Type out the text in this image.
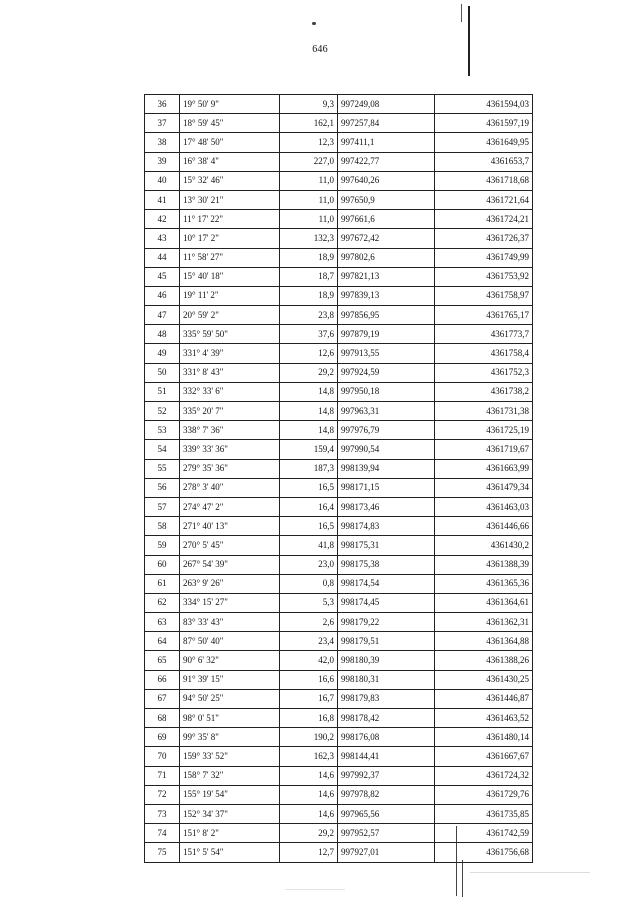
646
36	19° 50' 9"	9,3	997249,08	4361594,03
37	18° 59' 45"	162,1	997257,84	4361597,19
38	17° 48' 50"	12,3	997411,1	4361649,95
39	16° 38' 4"	227,0	997422,77	4361653,7
40	15° 32' 46"	11,0	997640,26	4361718,68
41	13° 30' 21"	11,0	997650,9	4361721,64
42	11° 17' 22"	11,0	997661,6	4361724,21
43	10° 17' 2"	132,3	997672,42	4361726,37
44	11° 58' 27"	18,9	997802,6	4361749,99
45	15° 40' 18"	18,7	997821,13	4361753,92
46	19° 11' 2"	18,9	997839,13	4361758,97
47	20° 59' 2"	23,8	997856,95	4361765,17
48	335° 59' 50"	37,6	997879,19	4361773,7
49	331° 4' 39"	12,6	997913,55	4361758,4
50	331° 8' 43"	29,2	997924,59	4361752,3
51	332° 33' 6"	14,8	997950,18	4361738,2
52	335° 20' 7"	14,8	997963,31	4361731,38
53	338° 7' 36"	14,8	997976,79	4361725,19
54	339° 33' 36"	159,4	997990,54	4361719,67
55	279° 35' 36"	187,3	998139,94	4361663,99
56	278° 3' 40"	16,5	998171,15	4361479,34
57	274° 47' 2"	16,4	998173,46	4361463,03
58	271° 40' 13"	16,5	998174,83	4361446,66
59	270° 5' 45"	41,8	998175,31	4361430,2
60	267° 54' 39"	23,0	998175,38	4361388,39
61	263° 9' 26"	0,8	998174,54	4361365,36
62	334° 15' 27"	5,3	998174,45	4361364,61
63	83° 33' 43"	2,6	998179,22	4361362,31
64	87° 50' 40"	23,4	998179,51	4361364,88
65	90° 6' 32"	42,0	998180,39	4361388,26
66	91° 39' 15"	16,6	998180,31	4361430,25
67	94° 50' 25"	16,7	998179,83	4361446,87
68	98° 0' 51"	16,8	998178,42	4361463,52
69	99° 35' 8"	190,2	998176,08	4361480,14
70	159° 33' 52"	162,3	998144,41	4361667,67
71	158° 7' 32"	14,6	997992,37	4361724,32
72	155° 19' 54"	14,6	997978,82	4361729,76
73	152° 34' 37"	14,6	997965,56	4361735,85
74	151° 8' 2"	29,2	997952,57	4361742,59
75	151° 5' 54"	12,7	997927,01	4361756,68
